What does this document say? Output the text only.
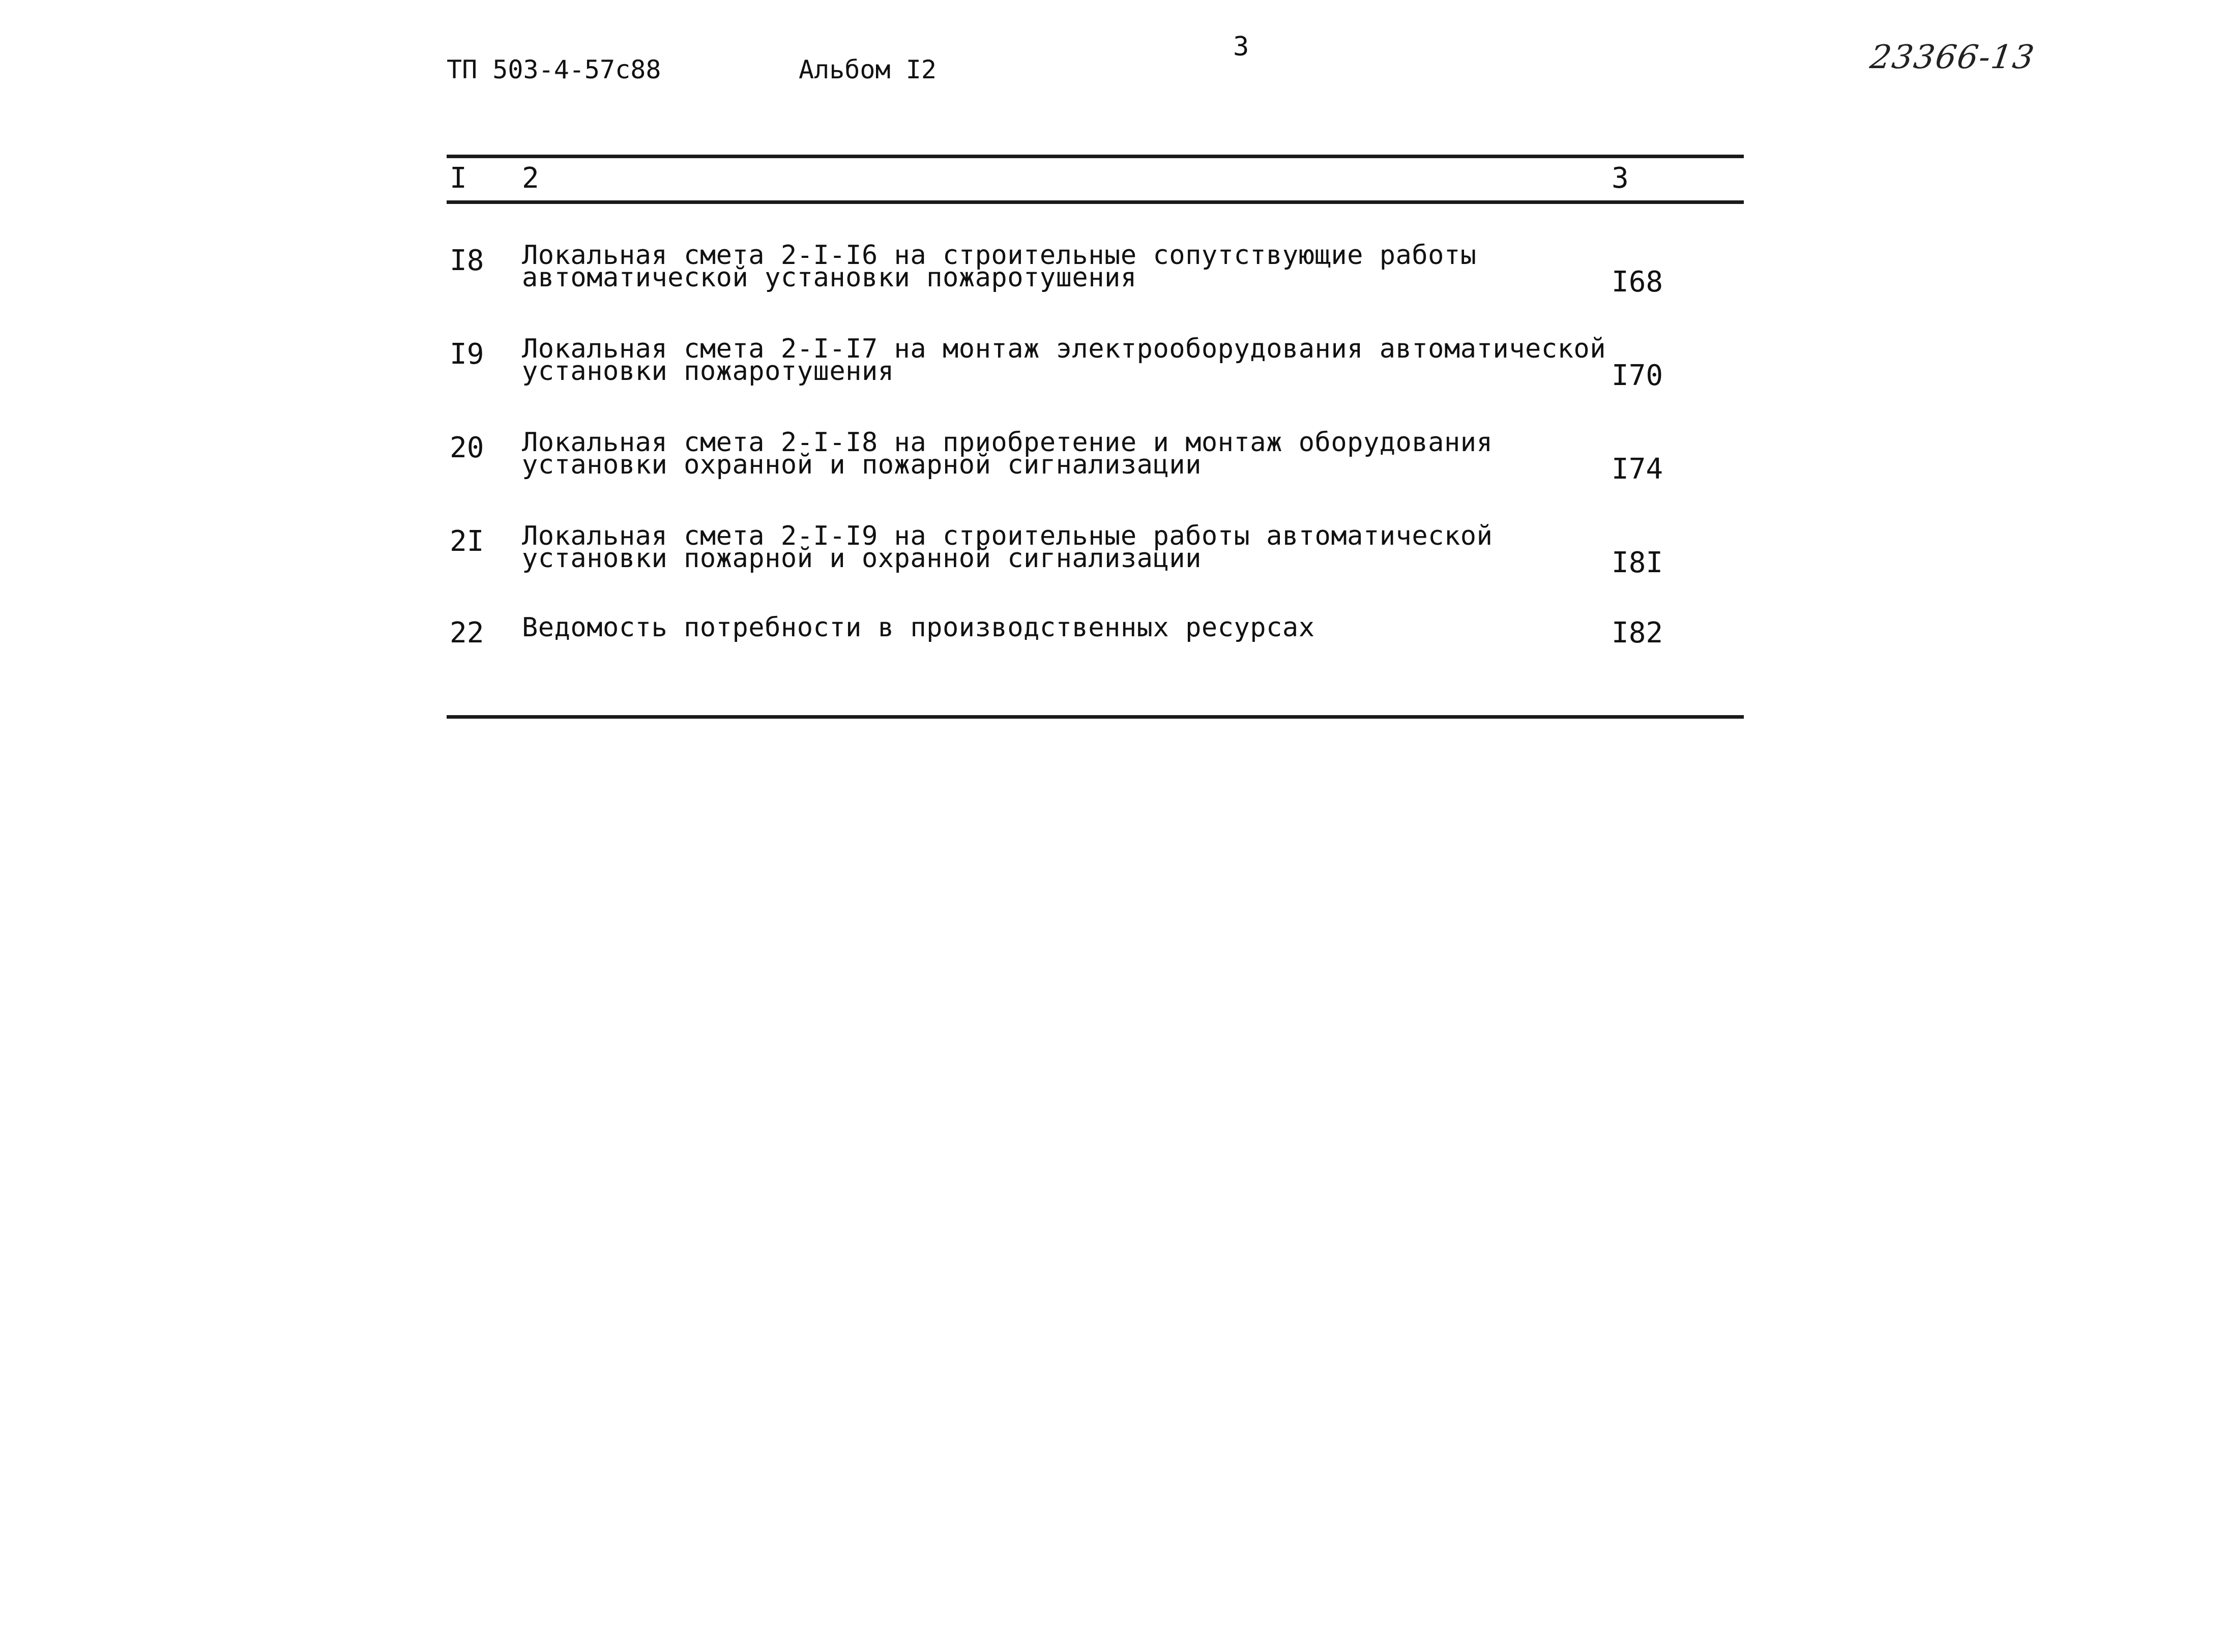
ТП 503-4-57с88	Альбом I2
3	23366-13
I 2	3
I8 Локальная смета 2-I-I6 на строительные сопутствующие работы
автоматической установки пожаротушения	I68
I9 Локальная смета 2-I-I7 на монтаж электрооборудования автоматической
установки пожаротушения	I70
20 Локальная смета 2-I-I8 на приобретение и монтаж оборудования
установки охранной и пожарной сигнализации	I74
2I Локальная смета 2-I-I9 на строительные работы автоматической
установки пожарной и охранной сигнализации	I8I
22 Ведомость потребности в производственных ресурсах	I82
